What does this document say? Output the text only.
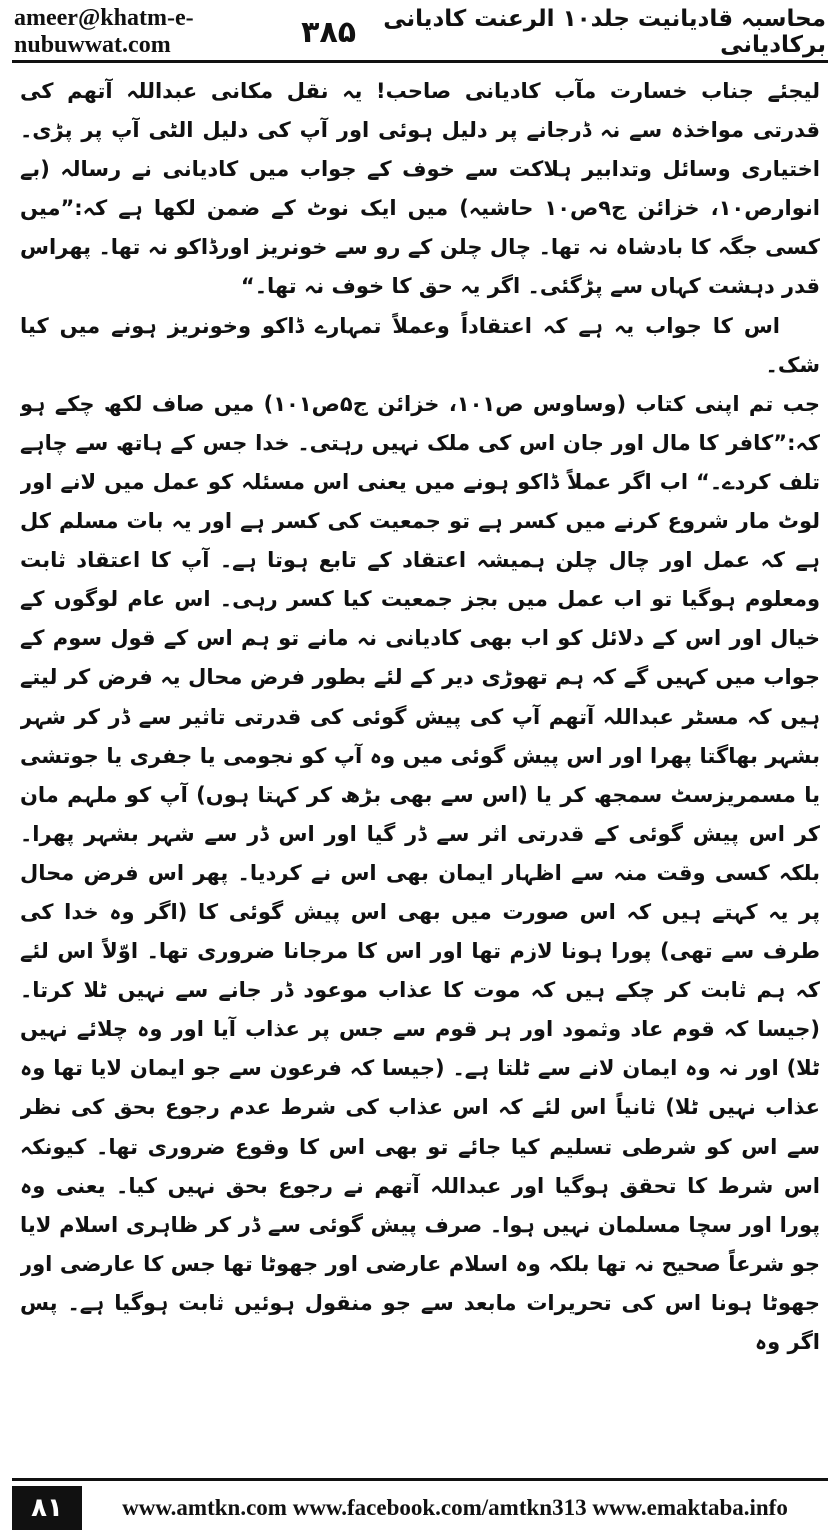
ameer@khatm-e-nubuwwat.com	۳۸۵	محاسبہ قادیانیت جلد۱۰ الرعنت کادیانی برکادیانی

لیجئے جناب خسارت مآب کادیانی صاحب! یہ نقل مکانی عبداللہ آتھم کی قدرتی مواخذہ سے نہ ڈرجانے پر دلیل ہوئی اور آپ کی دلیل الٹی آپ پر پڑی۔ اختیاری وسائل وتدابیر ہلاکت سے خوف کے جواب میں کادیانی نے رسالہ (بے انوارص۱۰، خزائن ج۹ص۱۰ حاشیہ) میں ایک نوٹ کے ضمن لکھا ہے کہ:”میں کسی جگہ کا بادشاہ نہ تھا۔ چال چلن کے رو سے خونریز اورڈاکو نہ تھا۔ پھراس قدر دہشت کہاں سے پڑگئی۔ اگر یہ حق کا خوف نہ تھا۔“

اس کا جواب یہ ہے کہ اعتقاداً وعملاً تمہارے ڈاکو وخونریز ہونے میں کیا شک۔

جب تم اپنی کتاب (وساوس ص۱۰۱، خزائن ج۵ص۱۰۱) میں صاف لکھ چکے ہو کہ:”کافر کا مال اور جان اس کی ملک نہیں رہتی۔ خدا جس کے ہاتھ سے چاہے تلف کردے۔“ اب اگر عملاً ڈاکو ہونے میں یعنی اس مسئلہ کو عمل میں لانے اور لوٹ مار شروع کرنے میں کسر ہے تو جمعیت کی کسر ہے اور یہ بات مسلم کل ہے کہ عمل اور چال چلن ہمیشہ اعتقاد کے تابع ہوتا ہے۔ آپ کا اعتقاد ثابت ومعلوم ہوگیا تو اب عمل میں بجز جمعیت کیا کسر رہی۔ اس عام لوگوں کے خیال اور اس کے دلائل کو اب بھی کادیانی نہ مانے تو ہم اس کے قول سوم کے جواب میں کہیں گے کہ ہم تھوڑی دیر کے لئے بطور فرض محال یہ فرض کر لیتے ہیں کہ مسٹر عبداللہ آتھم آپ کی پیش گوئی کی قدرتی تاثیر سے ڈر کر شہر بشہر بھاگتا پھرا اور اس پیش گوئی میں وہ آپ کو نجومی یا جفری یا جوتشی یا مسمریزسٹ سمجھ کر یا (اس سے بھی بڑھ کر کہتا ہوں) آپ کو ملہم مان کر اس پیش گوئی کے قدرتی اثر سے ڈر گیا اور اس ڈر سے شہر بشہر پھرا۔ بلکہ کسی وقت منہ سے اظہار ایمان بھی اس نے کردیا۔ پھر اس فرض محال پر یہ کہتے ہیں کہ اس صورت میں بھی اس پیش گوئی کا (اگر وہ خدا کی طرف سے تھی) پورا ہونا لازم تھا اور اس کا مرجانا ضروری تھا۔ اوّلاً اس لئے کہ ہم ثابت کر چکے ہیں کہ موت کا عذاب موعود ڈر جانے سے نہیں ٹلا کرتا۔ (جیسا کہ قوم عاد وثمود اور ہر قوم سے جس پر عذاب آیا اور وہ چلائے نہیں ٹلا) اور نہ وہ ایمان لانے سے ٹلتا ہے۔ (جیسا کہ فرعون سے جو ایمان لایا تھا وہ عذاب نہیں ٹلا) ثانیاً اس لئے کہ اس عذاب کی شرط عدم رجوع بحق کی نظر سے اس کو شرطی تسلیم کیا جائے تو بھی اس کا وقوع ضروری تھا۔ کیونکہ اس شرط کا تحقق ہوگیا اور عبداللہ آتھم نے رجوع بحق نہیں کیا۔ یعنی وہ پورا اور سچا مسلمان نہیں ہوا۔ صرف پیش گوئی سے ڈر کر ظاہری اسلام لایا جو شرعاً صحیح نہ تھا بلکہ وہ اسلام عارضی اور جھوٹا تھا جس کا عارضی اور جھوٹا ہونا اس کی تحریرات مابعد سے جو منقول ہوئیں ثابت ہوگیا ہے۔ پس اگر وہ

۸۱	www.amtkn.com www.facebook.com/amtkn313 www.emaktaba.info
